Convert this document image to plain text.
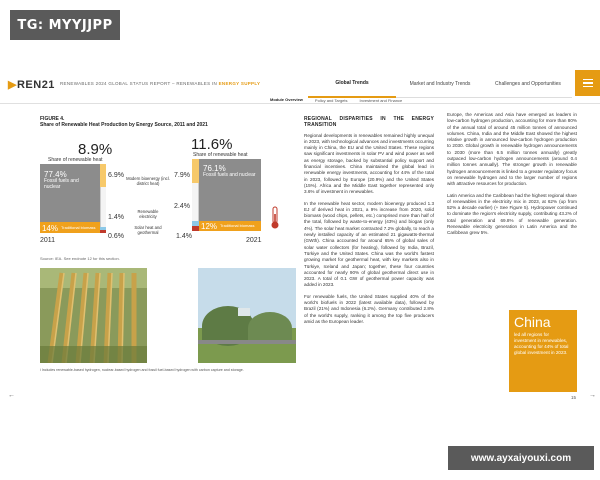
TG: MYYJJPP
▶REN21 RENEWABLES 2024 GLOBAL STATUS REPORT – RENEWABLES IN ENERGY SUPPLY	Global Trends	Market and Industry Trends	Challenges and Opportunities
Module Overview	Policy and Targets	Investment and Finance
FIGURE 4.
Share of Renewable Heat Production by Energy Source, 2011 and 2021
8.9%
Share of renewable heat
77.4%
Fossil fuels and nuclear
14% Traditional biomass
6.9%
1.4%
0.6%
2011
Modern bioenergy (incl. district heat)
Renewable electricity
Solar heat and geothermal
11.6%
Share of renewable heat
76.1%
Fossil fuels and nuclear
12% Traditional biomass
7.9%
2.4%
1.4%
2021
Source: IEA. See endnote 12 for this section.
i Includes renewable-based hydrogen, nuclear-based hydrogen and fossil fuel-based hydrogen with carbon capture and storage.
REGIONAL DISPARITIES IN THE ENERGY TRANSITION

Regional developments in renewables remained highly unequal in 2023, with technological advances and investments occurring mainly in China, the EU and the United States. These regions saw significant investments in solar PV and wind power as well as energy storage, backed by substantial policy support and financial incentives. China maintained the global lead in renewable energy investments, accounting for 44% of the total in 2023, followed by Europe (20.9%) and the United States (15%). Africa and the Middle East together represented only 3.6% of investment in renewables.

In the renewable heat sector, modern bioenergy produced 1.3 EJ of derived heat in 2021, a 9% increase from 2020, solid biomass (wood chips, pellets, etc.) comprised more than half of the total, followed by waste-to-energy (43%) and biogas (only 4%). The solar heat market contracted 7.2% globally, to reach a newly installed capacity of an estimated 21 gigawatts-thermal (GWth). China accounted for around 65% of global sales of solar water collectors (for heating), followed by India, Brazil, Türkiye and the United States. China was the world's fastest growing market for geothermal heat, with key markets also in Türkiye, Iceland and Japan; together, these four countries accounted for nearly 90% of global geothermal direct use in 2023. A total of 0.1 GW of geothermal power capacity was added in 2023.

For renewable fuels, the United States supplied 40% of the world's biofuels in 2022 (latest available data), followed by Brazil (21%) and Indonesia (6.2%). Germany contributed 2.8% of the world's supply, ranking it among the top five producers amid as the European leader.

Europe, the Americas and Asia have emerged as leaders in low-carbon hydrogen production, accounting for more than 80% of the annual total of around 45 million tonnes of announced volumes. China, India and the Middle East showed the highest relative growth in announced low-carbon hydrogen production to 2030. Global growth in renewable hydrogen announcements to 2030 (more than 6.5 million tonnes annually) greatly outpaced low-carbon hydrogen announcements (around 0.4 million tonnes annually). The stronger growth in renewable hydrogen announcements is linked to a greater regulatory focus on renewable hydrogen and to the larger number of regions with attractive resources for production.

Latin America and the Caribbean had the highest regional share of renewables in the electricity mix in 2023, at 62% (up from 52% a decade earlier) (+ See Figure 5). Hydropower continued to dominate the region's electricity supply, contributing 43.2% of total generation and 69.8% of renewable generation. Renewable electricity generation in Latin America and the Caribbean grew 5%.

China
led all regions for investment in renewables, accounting for 44% of total global investment in 2023.
←	15 →
www.ayxaiyouxi.com
